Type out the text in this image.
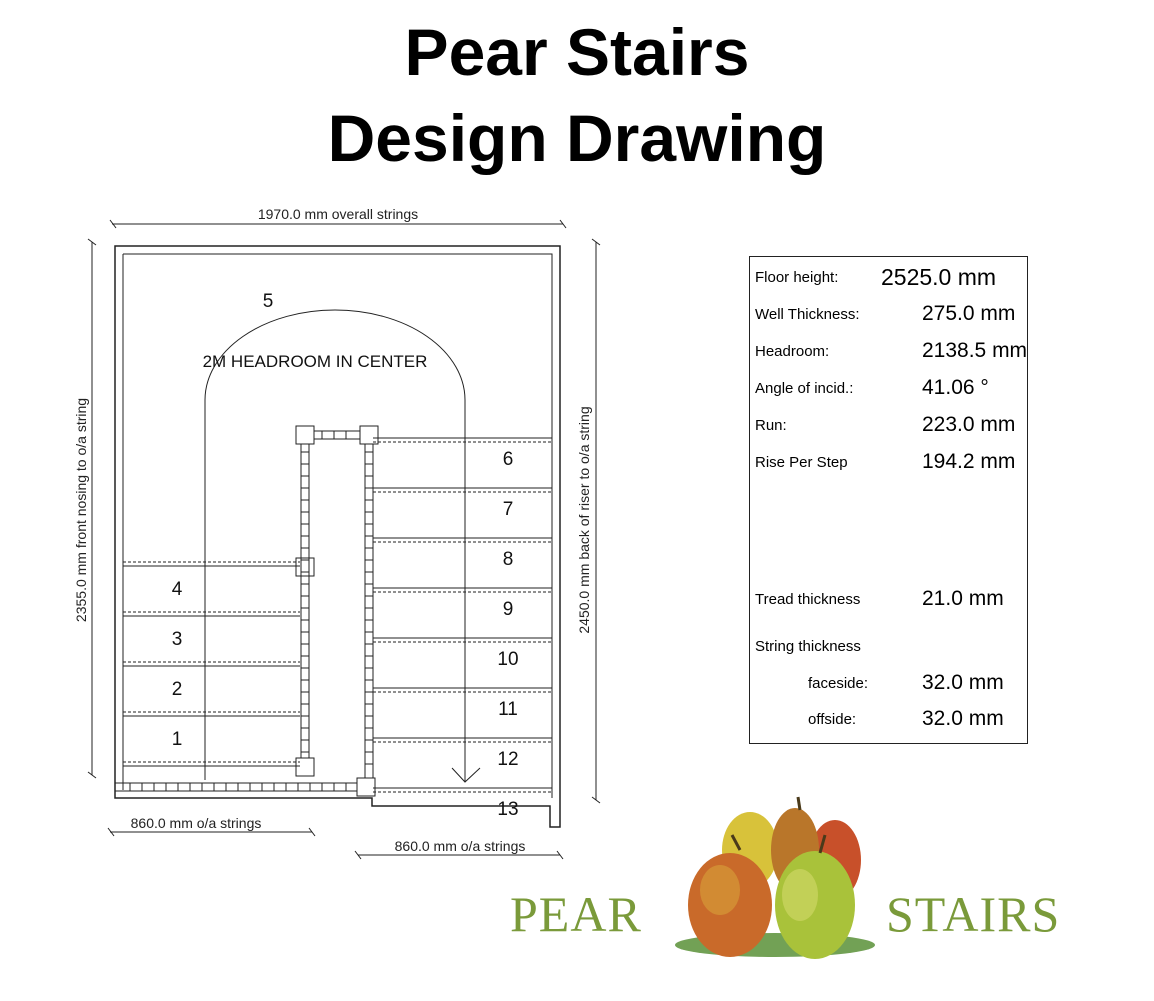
Pear Stairs
Design Drawing
1970.0 mm overall strings
2355.0 mm front nosing to o/a string	2450.0 mm back of riser to o/a string
860.0 mm o/a strings
860.0 mm o/a strings
2M HEADROOM IN CENTER
5
4
3
2
1
6
7
8
9
10
11
12
13
Floor height: 2525.0 mm
Well Thickness:	275.0 mm
Headroom:	2138.5 mm
Angle of incid.:	41.06 °
Run:	223.0 mm
Rise Per Step	194.2 mm
Tread thickness	21.0 mm
String thickness
faceside:	32.0 mm
offside:	32.0 mm
PEAR	STAIRS
